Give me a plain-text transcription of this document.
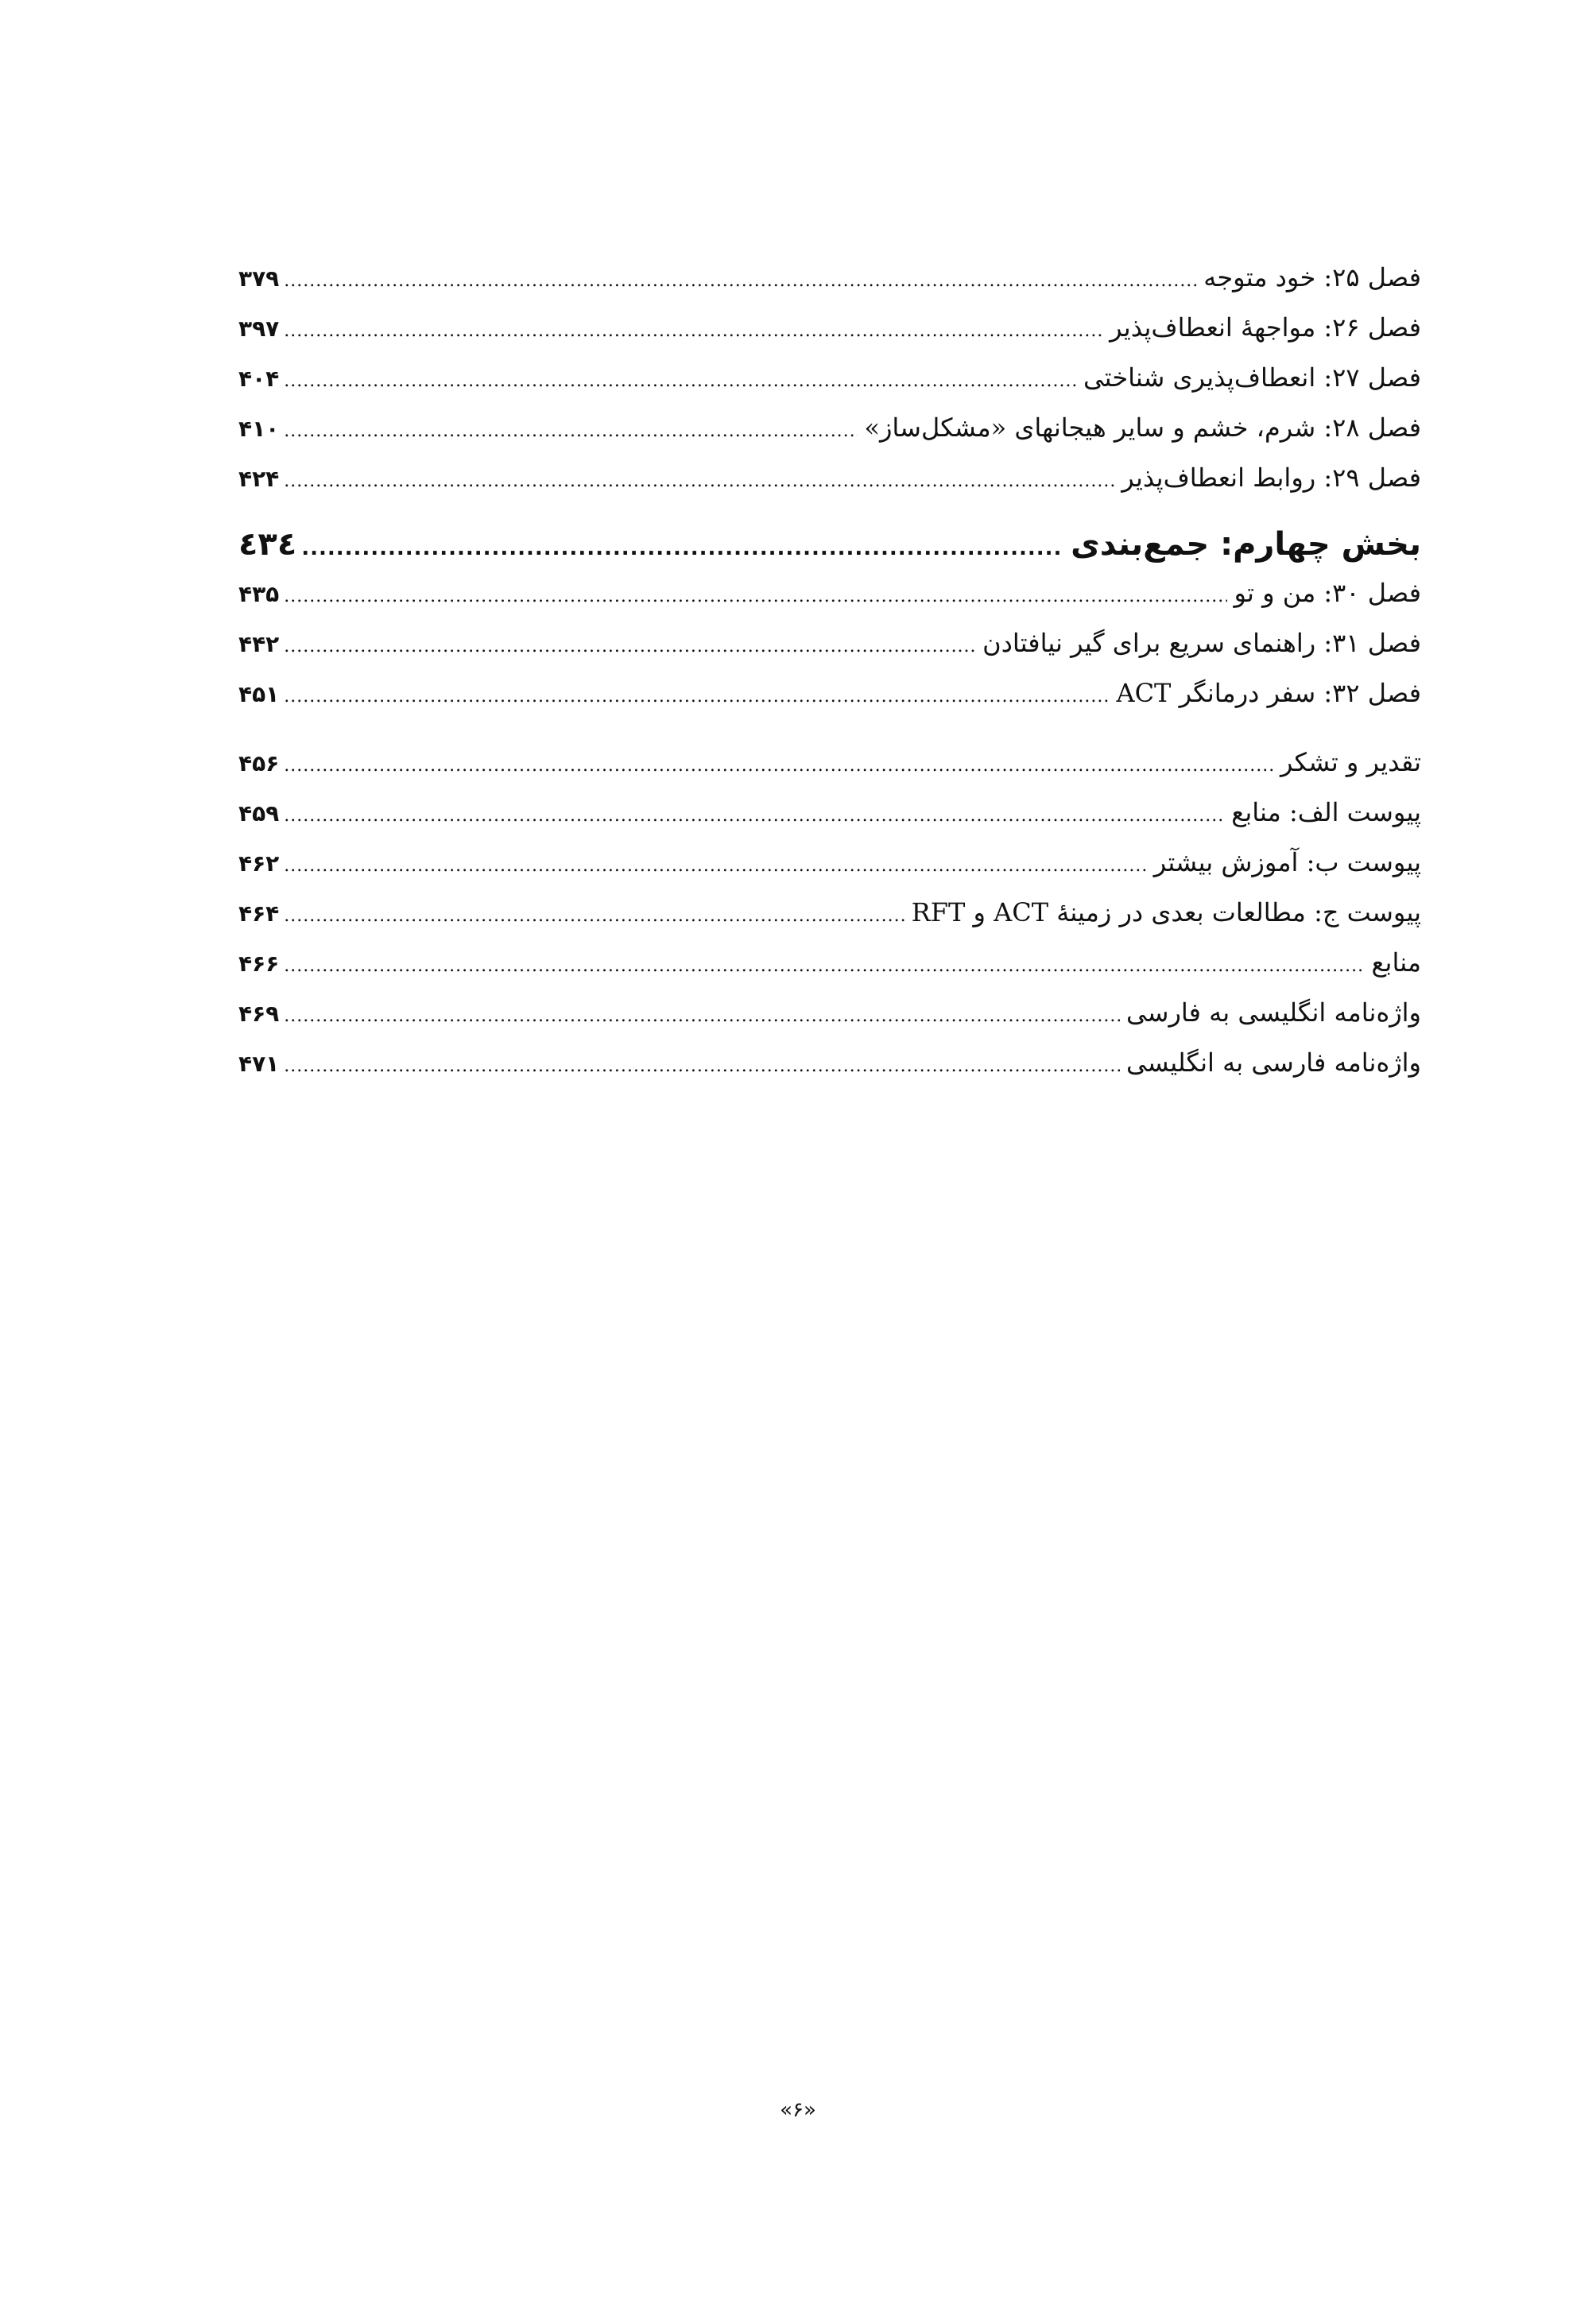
فصل ۲۵: خود متوجه
.....
۳۷۹
فصل ۲۶: مواجههٔ انعطاف‌پذیر
.....
۳۹۷
فصل ۲۷: انعطاف‌پذیری شناختی
.....
۴۰۴
فصل ۲۸: شرم، خشم و سایر هیجانهای «مشکل‌ساز»
.....
۴۱۰
فصل ۲۹: روابط انعطاف‌پذیر
.....
۴۲۴
بخش چهارم: جمع‌بندی
.....
٤٣٤
فصل ۳۰: من و تو
.....
۴۳۵
فصل ۳۱: راهنمای سریع برای گیر نیافتادن
.....
۴۴۲
فصل ۳۲: سفر درمانگر ACT
.....
۴۵۱
تقدیر و تشکر
.....
۴۵۶
پیوست الف: منابع
.....
۴۵۹
پیوست ب: آموزش بیشتر
.....
۴۶۲
پیوست ج: مطالعات بعدی در زمینهٔ ACT و RFT
.....
۴۶۴
منابع
.....
۴۶۶
واژه‌نامه انگلیسی به فارسی
.....
۴۶۹
واژه‌نامه فارسی به انگلیسی
.....
۴۷۱
«۶»
